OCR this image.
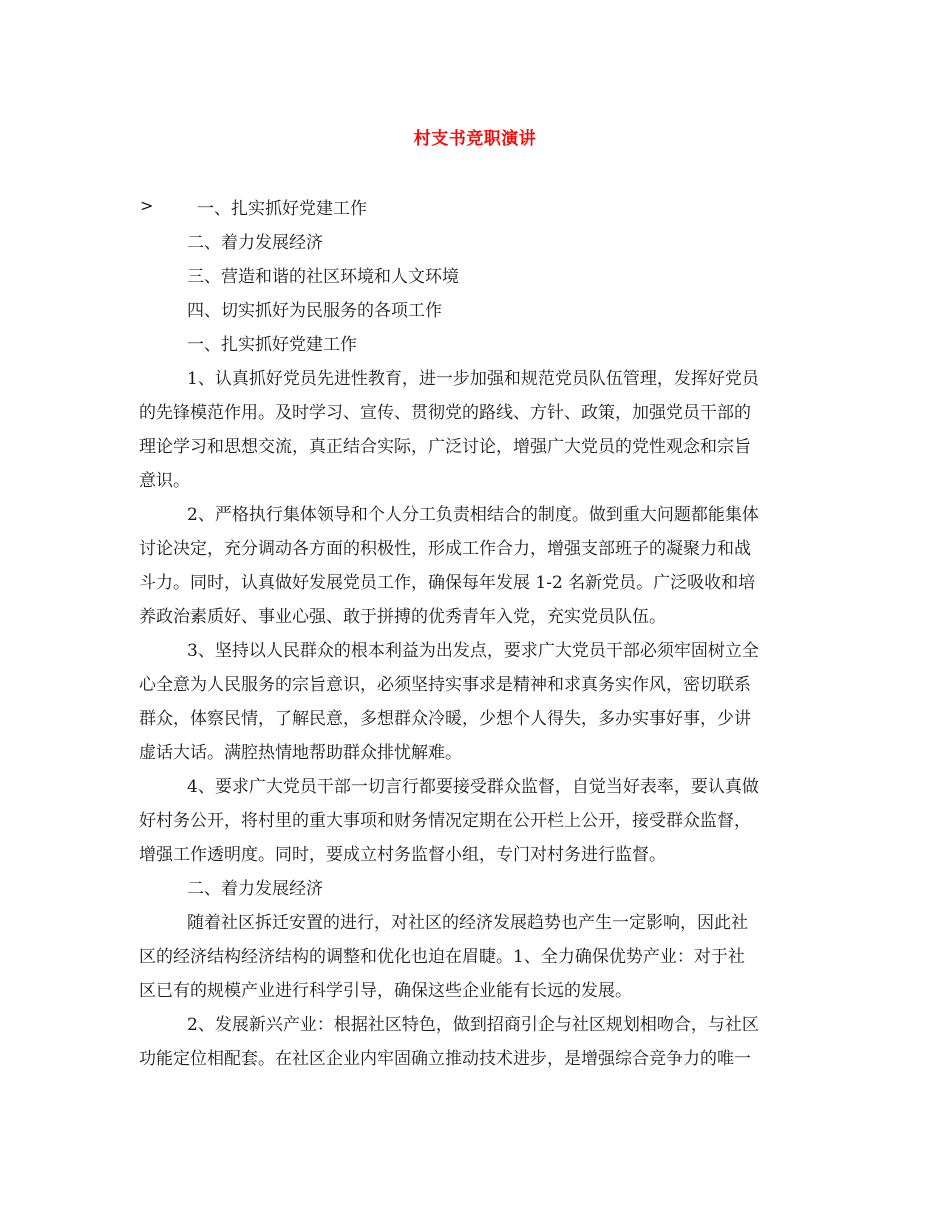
村支书竞职演讲
>	一、扎实抓好党建工作
二、着力发展经济
三、营造和谐的社区环境和人文环境
四、切实抓好为民服务的各项工作
一、扎实抓好党建工作
1、认真抓好党员先进性教育，进一步加强和规范党员队伍管理，发挥好党员
的先锋模范作用。及时学习、宣传、贯彻党的路线、方针、政策，加强党员干部的
理论学习和思想交流，真正结合实际，广泛讨论，增强广大党员的党性观念和宗旨
意识。
2、严格执行集体领导和个人分工负责相结合的制度。做到重大问题都能集体
讨论决定，充分调动各方面的积极性，形成工作合力，增强支部班子的凝聚力和战
斗力。同时，认真做好发展党员工作，确保每年发展 1-2 名新党员。广泛吸收和培
养政治素质好、事业心强、敢于拼搏的优秀青年入党，充实党员队伍。
3、坚持以人民群众的根本利益为出发点，要求广大党员干部必须牢固树立全
心全意为人民服务的宗旨意识，必须坚持实事求是精神和求真务实作风，密切联系
群众，体察民情，了解民意，多想群众冷暖，少想个人得失，多办实事好事，少讲
虚话大话。满腔热情地帮助群众排忧解难。
4、要求广大党员干部一切言行都要接受群众监督，自觉当好表率，要认真做
好村务公开，将村里的重大事项和财务情况定期在公开栏上公开，接受群众监督，
增强工作透明度。同时，要成立村务监督小组，专门对村务进行监督。
二、着力发展经济
随着社区拆迁安置的进行，对社区的经济发展趋势也产生一定影响，因此社
区的经济结构经济结构的调整和优化也迫在眉睫。1、全力确保优势产业：对于社
区已有的规模产业进行科学引导，确保这些企业能有长远的发展。
2、发展新兴产业：根据社区特色，做到招商引企与社区规划相吻合，与社区
功能定位相配套。在社区企业内牢固确立推动技术进步，是增强综合竞争力的唯一
